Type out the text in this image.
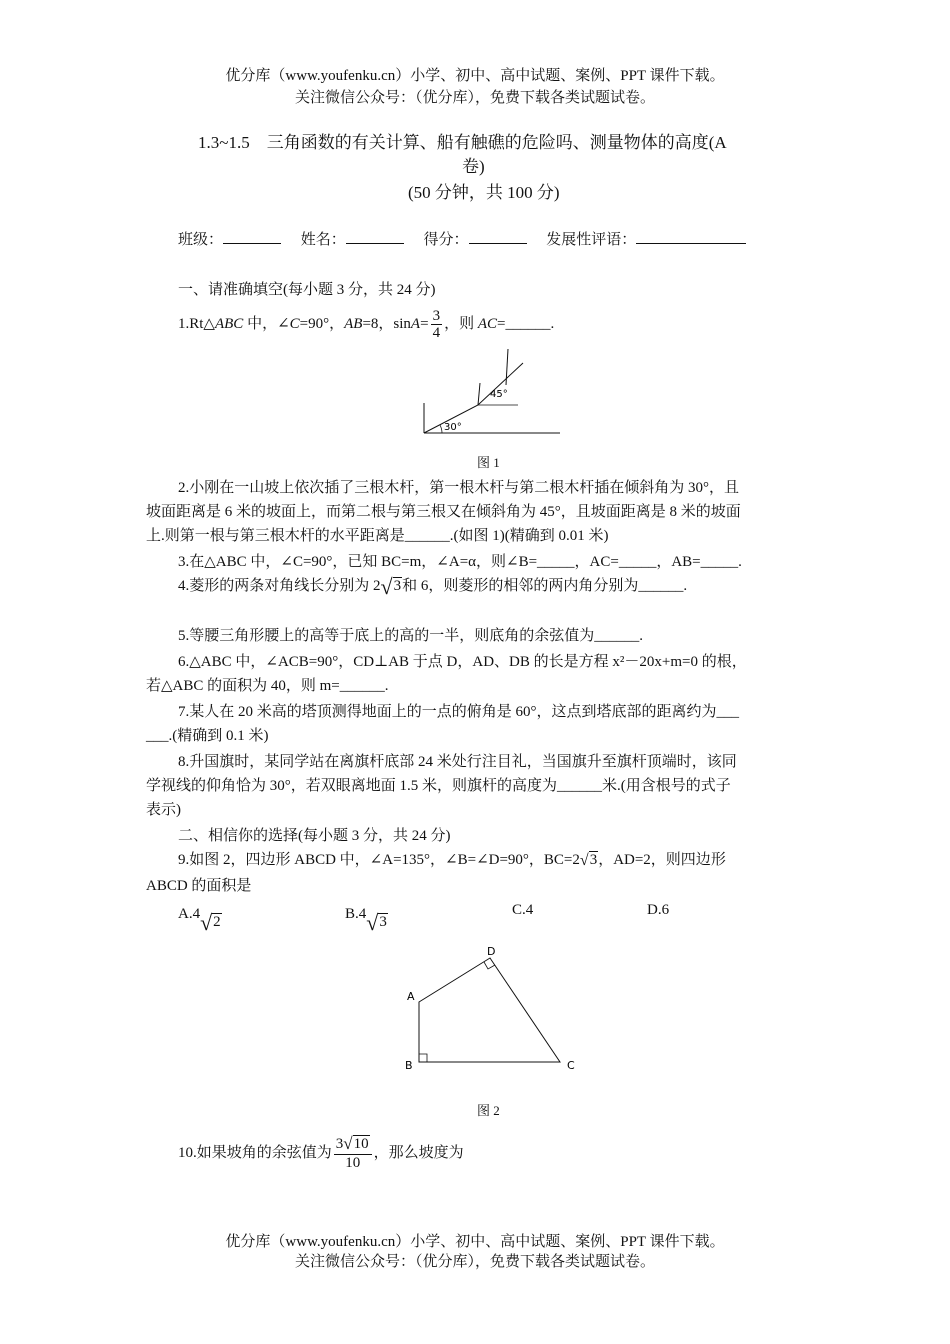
优分库（www.youfenku.cn）小学、初中、高中试题、案例、PPT 课件下载。
关注微信公众号：（优分库），免费下载各类试题试卷。
1.3~1.5　三角函数的有关计算、船有触礁的危险吗、测量物体的高度(A
卷)
(50 分钟，共 100 分)
班级：	姓名：	得分：	发展性评语：
一、请准确填空(每小题 3 分，共 24 分)
1.Rt△ABC 中，∠C=90°，AB=8，$\sin A= \frac{3}{4}$ ，则 AC=______.
30°
45°
图 1
2.小刚在一山坡上依次插了三根木杆，第一根木杆与第二根木杆插在倾斜角为 30°，且
坡面距离是 6 米的坡面上，而第二根与第三根又在倾斜角为 45°，且坡面距离是 8 米的坡面
上.则第一根与第三根木杆的水平距离是______.(如图 1)(精确到 0.01 米)
3.在△ABC 中，∠C=90°，已知 BC=m，∠A=α，则∠B=_____，AC=_____，AB=_____.
4.菱形的两条对角线长分别为 2√3和 6，则菱形的相邻的两内角分别为______.
5.等腰三角形腰上的高等于底上的高的一半，则底角的余弦值为______.
6.△ABC 中，∠ACB=90°，CD⊥AB 于点 D，AD、DB 的长是方程 x²－20x+m=0 的根，
若△ABC 的面积为 40，则 m=______.
7.某人在 20 米高的塔顶测得地面上的一点的俯角是 60°，这点到塔底部的距离约为___
___.(精确到 0.1 米)
8.升国旗时，某同学站在离旗杆底部 24 米处行注目礼，当国旗升至旗杆顶端时，该同
学视线的仰角恰为 30°，若双眼离地面 1.5 米，则旗杆的高度为______米.(用含根号的式子
表示)
二、相信你的选择(每小题 3 分，共 24 分)
9.如图 2，四边形 ABCD 中，∠A=135°，∠B=∠D=90°，BC=2√3，AD=2，则四边形
ABCD 的面积是
A.4√2	B.4√3
C.4	D.6
A
B	C
D
图 2
10.如果坡角的余弦值为 $\frac{3√10}{10}$ ，那么坡度为
优分库（www.youfenku.cn）小学、初中、高中试题、案例、PPT 课件下载。
关注微信公众号：（优分库），免费下载各类试题试卷。
